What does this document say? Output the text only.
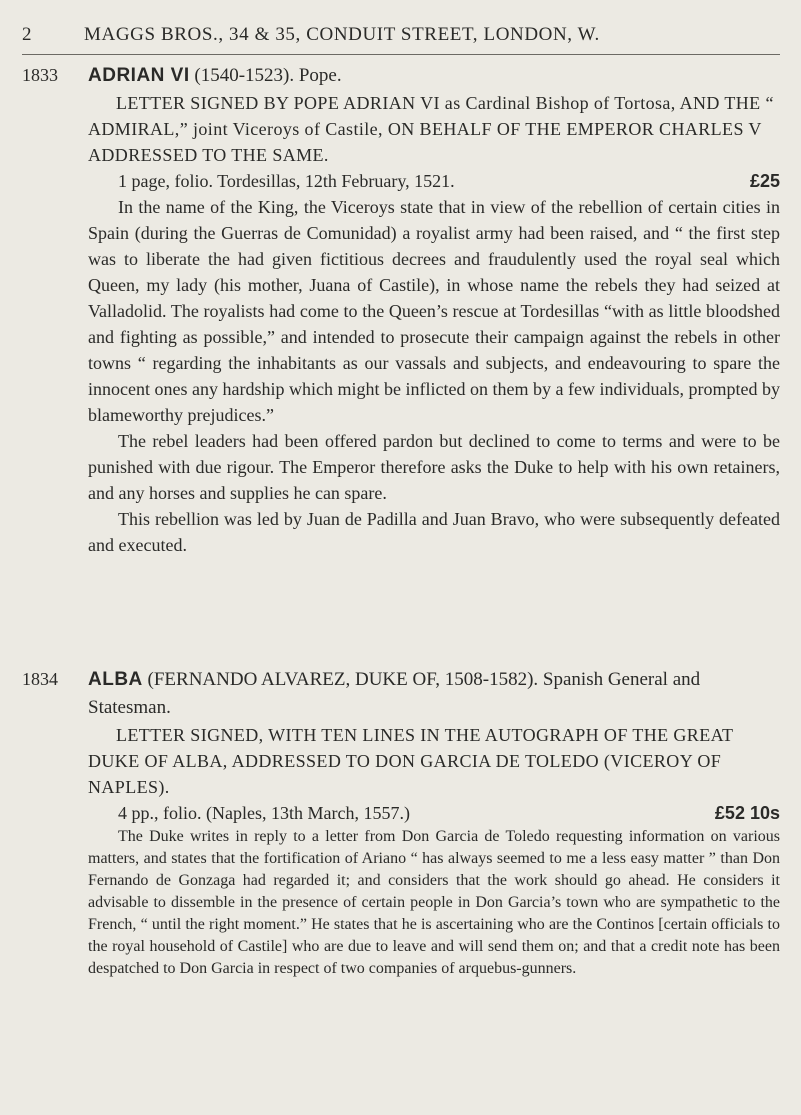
2	MAGGS BROS., 34 & 35, CONDUIT STREET, LONDON, W.
1833 ADRIAN VI (1540-1523). Pope.

LETTER SIGNED BY POPE ADRIAN VI as Cardinal Bishop of Tortosa, AND THE “ ADMIRAL,” joint Viceroys of Castile, ON BEHALF OF THE EMPEROR CHARLES V ADDRESSED TO THE SAME.

1 page, folio. Tordesillas, 12th February, 1521.	£25

In the name of the King, the Viceroys state that in view of the rebellion of certain cities in Spain (during the Guerras de Comunidad) a royalist army had been raised, and “ the first step was to liberate the had given fictitious decrees and fraudulently used the royal seal which Queen, my lady (his mother, Juana of Castile), in whose name the rebels they had seized at Valladolid. The royalists had come to the Queen’s rescue at Tordesillas “with as little bloodshed and fighting as possible,” and intended to prosecute their campaign against the rebels in other towns “ regarding the inhabitants as our vassals and subjects, and endeavouring to spare the innocent ones any hardship which might be inflicted on them by a few individuals, prompted by blameworthy prejudices.”

The rebel leaders had been offered pardon but declined to come to terms and were to be punished with due rigour. The Emperor therefore asks the Duke to help with his own retainers, and any horses and supplies he can spare.

This rebellion was led by Juan de Padilla and Juan Bravo, who were subsequently defeated and executed.

1834 ALBA (FERNANDO ALVAREZ, DUKE OF, 1508-1582). Spanish General and Statesman.

LETTER SIGNED, WITH TEN LINES IN THE AUTOGRAPH OF THE GREAT DUKE OF ALBA, ADDRESSED TO DON GARCIA DE TOLEDO (VICEROY OF NAPLES).

4 pp., folio. (Naples, 13th March, 1557.)	£52 10s

The Duke writes in reply to a letter from Don Garcia de Toledo requesting information on various matters, and states that the fortification of Ariano “ has always seemed to me a less easy matter ” than Don Fernando de Gonzaga had regarded it; and considers that the work should go ahead. He considers it advisable to dissemble in the presence of certain people in Don Garcia’s town who are sympathetic to the French, “ until the right moment.” He states that he is ascertaining who are the Continos [certain officials to the royal household of Castile] who are due to leave and will send them on; and that a credit note has been despatched to Don Garcia in respect of two companies of arquebus-gunners.
